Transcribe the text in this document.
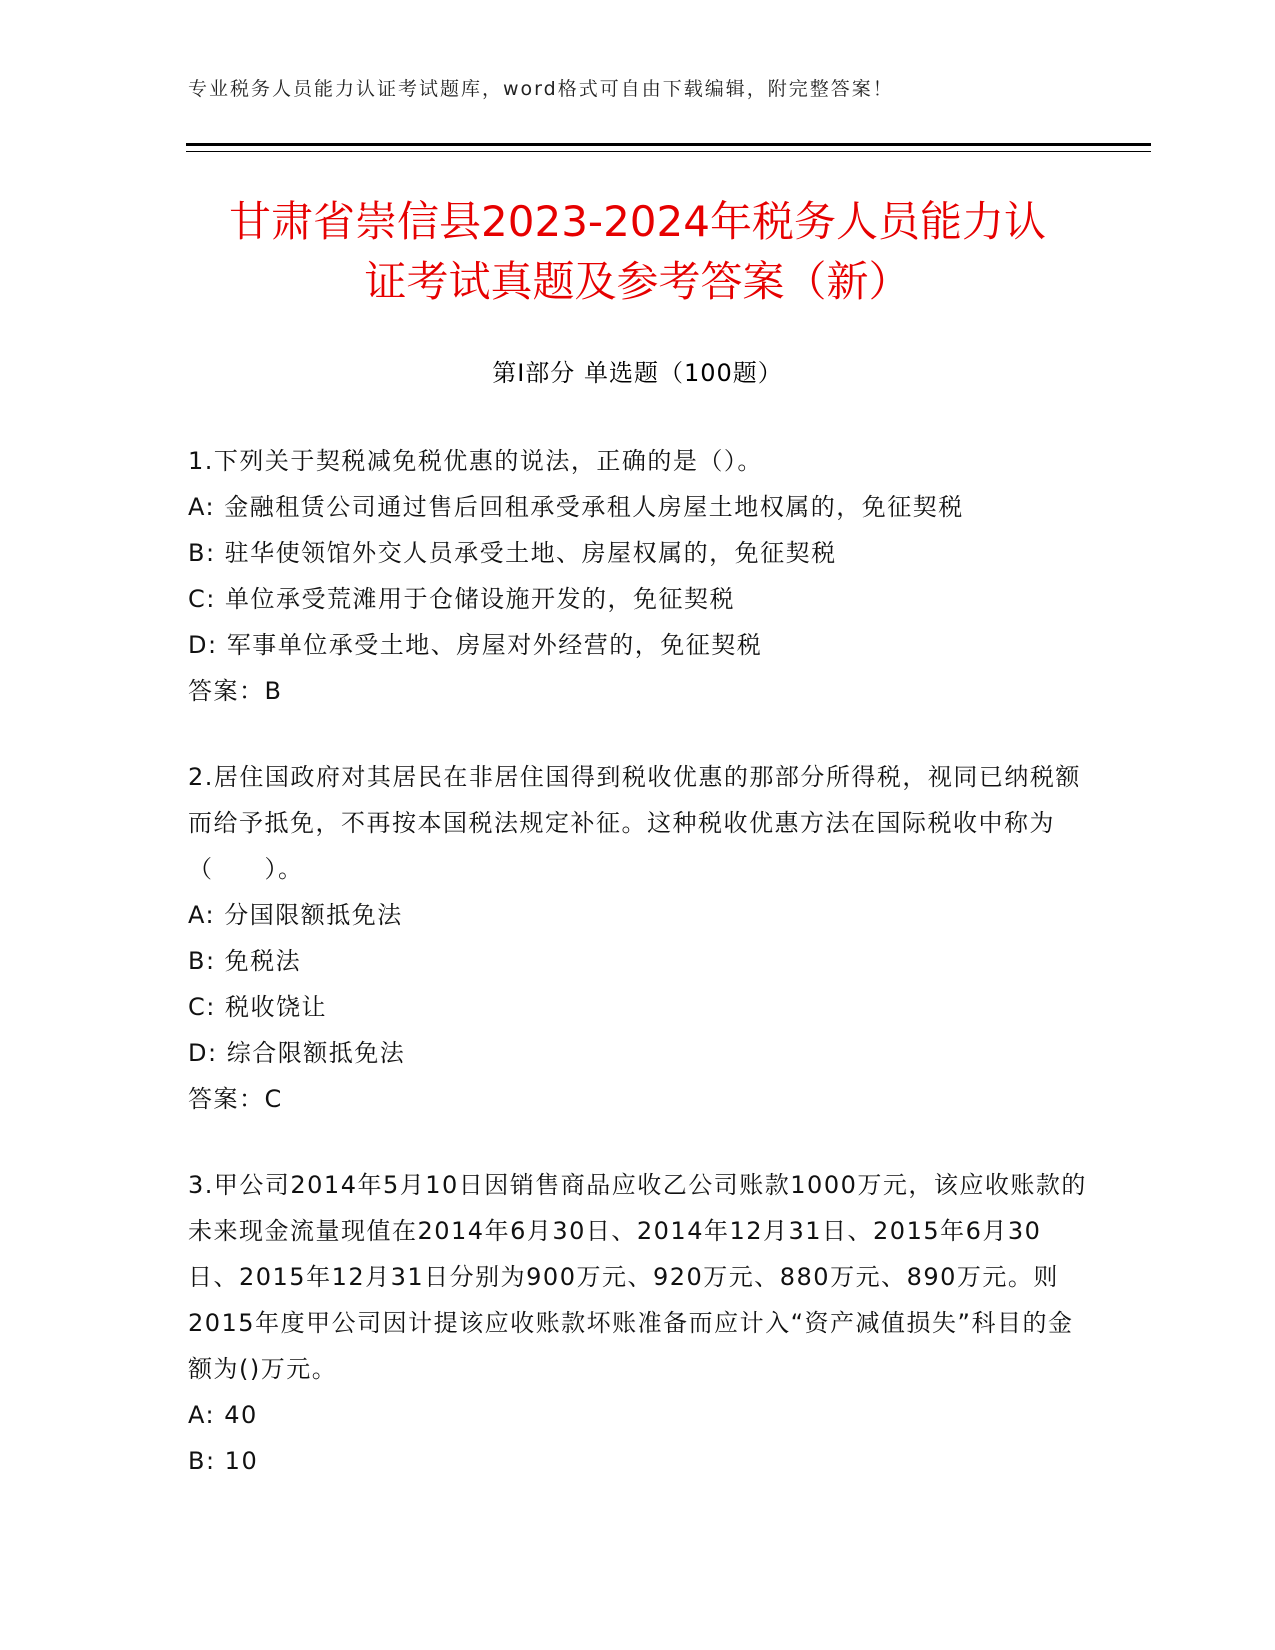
专业税务人员能力认证考试题库，word格式可自由下载编辑，附完整答案！
甘肃省崇信县2023-2024年税务人员能力认
证考试真题及参考答案（新）
第Ⅰ部分 单选题（100题）

1.下列关于契税减免税优惠的说法，正确的是（）。

A: 金融租赁公司通过售后回租承受承租人房屋土地权属的，免征契税

B: 驻华使领馆外交人员承受土地、房屋权属的，免征契税

C: 单位承受荒滩用于仓储设施开发的，免征契税

D: 军事单位承受土地、房屋对外经营的，免征契税

答案：B

2.居住国政府对其居民在非居住国得到税收优惠的那部分所得税，视同已纳税额而给予抵免，不再按本国税法规定补征。这种税收优惠方法在国际税收中称为（　　）。

A: 分国限额抵免法

B: 免税法

C: 税收饶让

D: 综合限额抵免法

答案：C

3.甲公司2014年5月10日因销售商品应收乙公司账款1000万元，该应收账款的未来现金流量现值在2014年6月30日、2014年12月31日、2015年6月30日、2015年12月31日分别为900万元、920万元、880万元、890万元。则2015年度甲公司因计提该应收账款坏账准备而应计入“资产减值损失”科目的金额为()万元。

A: 40

B: 10
